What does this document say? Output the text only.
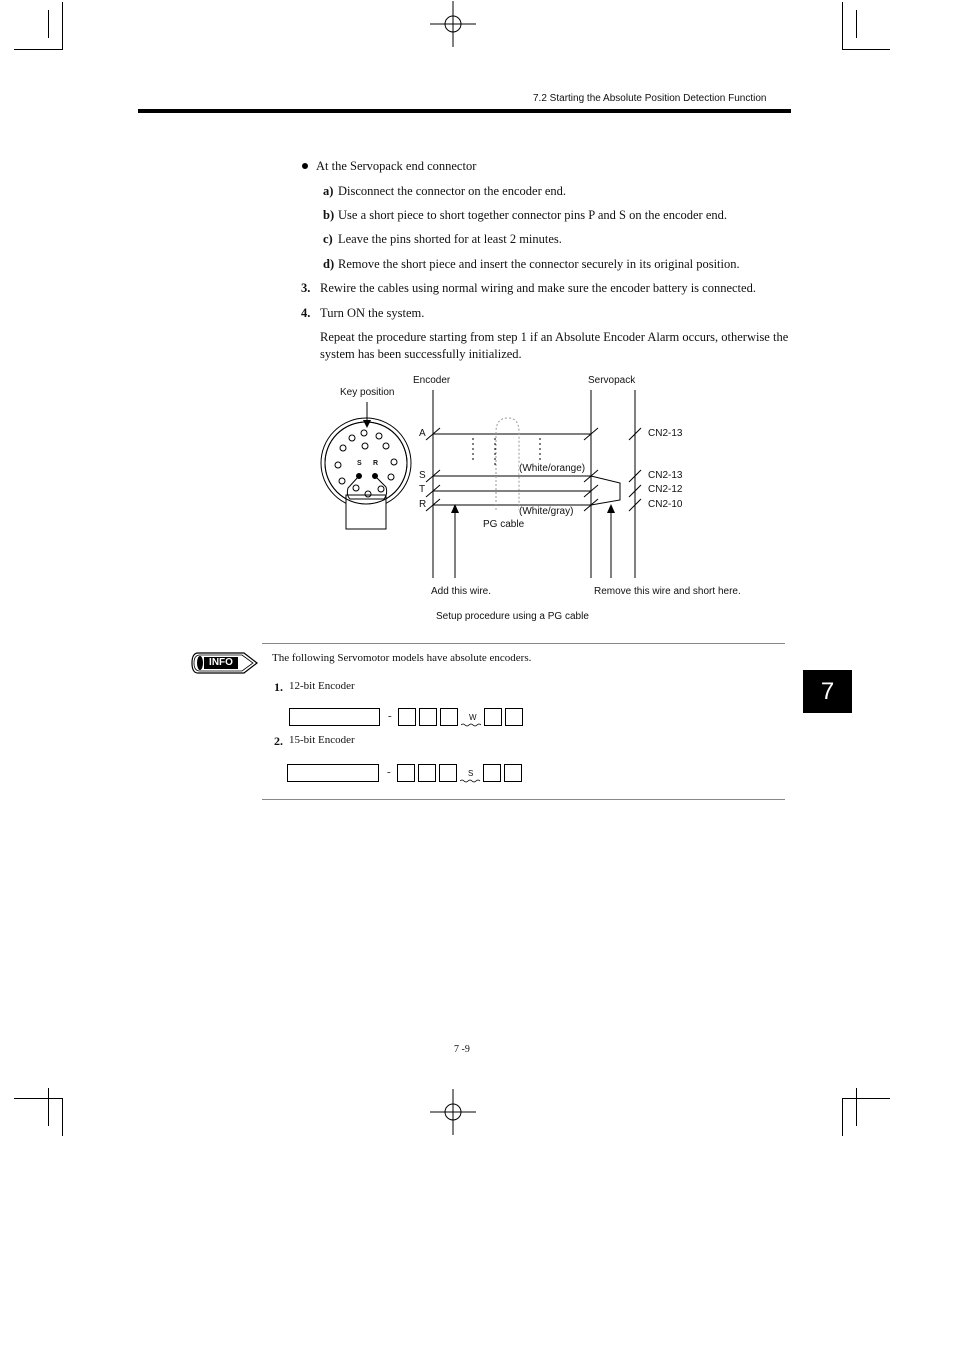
7.2 Starting the Absolute Position Detection Function
At the Servopack end connector
a) Disconnect the connector on the encoder end.
b) Use a short piece to short together connector pins P and S on the encoder end.
c) Leave the pins shorted for at least 2 minutes.
d) Remove the short piece and insert the connector securely in its original position.
3. Rewire the cables using normal wiring and make sure the encoder battery is connected.
4. Turn ON the system.
Repeat the procedure starting from step 1 if an Absolute Encoder Alarm occurs, otherwise the system has been successfully initialized.
Encoder	Servopack
Key position
A
S
T
R
S R
CN2-13
CN2-13
CN2-12
CN2-10
(White/orange)
(White/gray)
PG cable
Add this wire.	Remove this wire and short here.
Setup procedure using a PG cable
INFO	The following Servomotor models have absolute encoders.
1. 12-bit Encoder
-	W
2. 15-bit Encoder
-	S
7
7 -9
